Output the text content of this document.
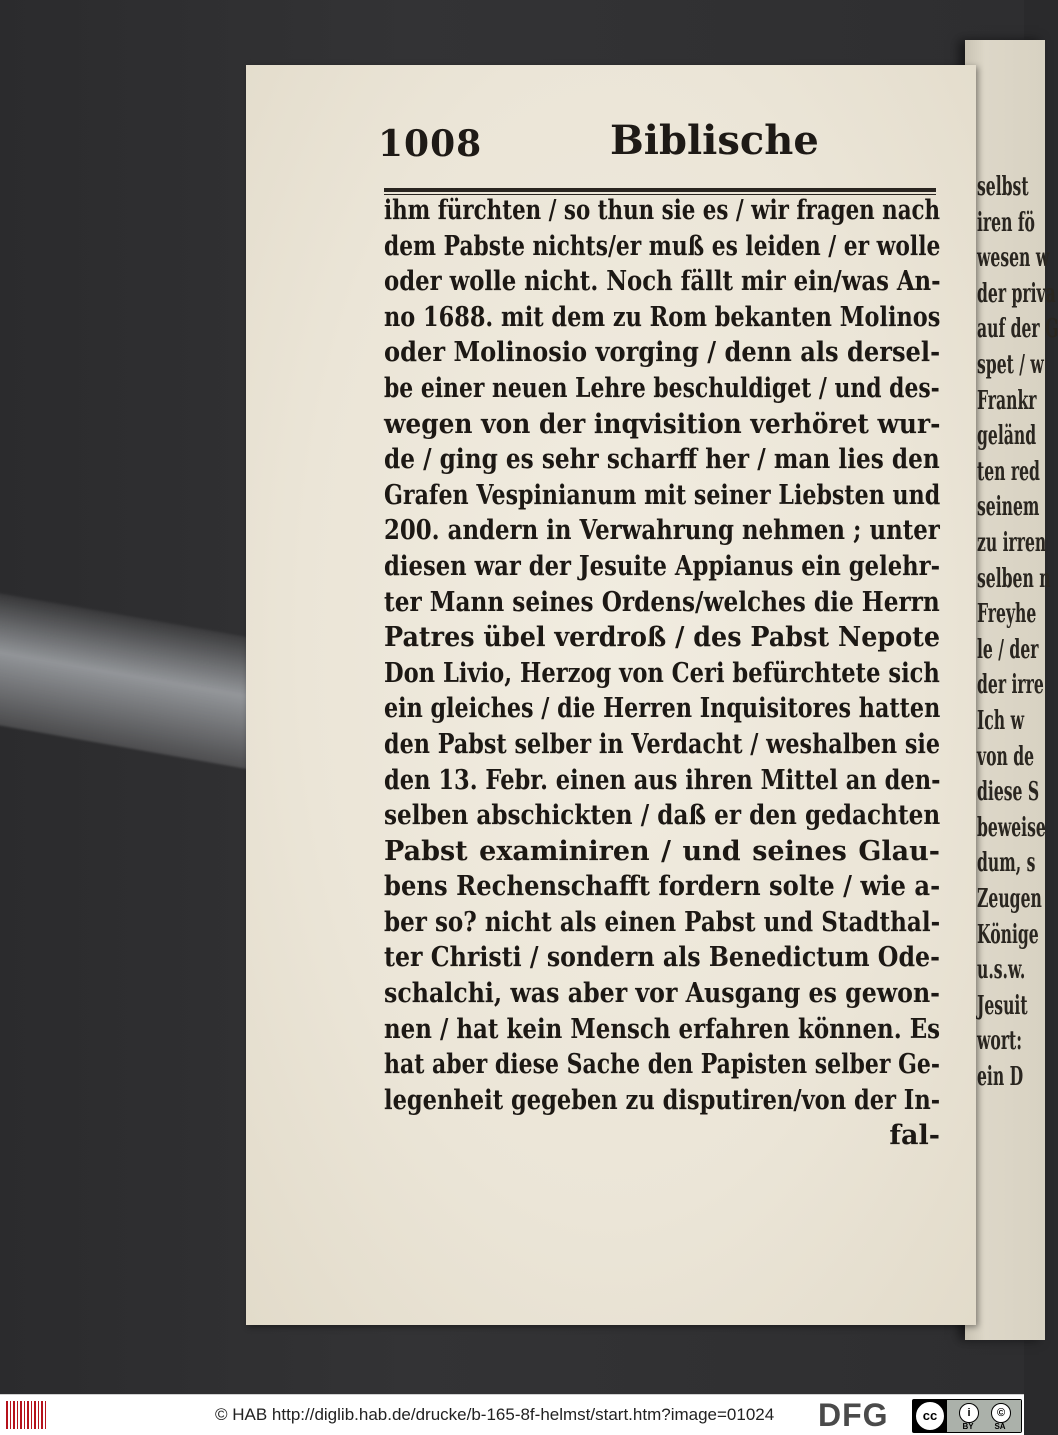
selbst
iren fö
wesen w
der priva
auf der G
spet / w
Frankr
geländ
ten red
seinem
zu irren
selben n
Freyhe
le / der
der irre
Ich w
von de
diese S
beweise
dum, s
Zeugen
Könige
u.s.w.
Jesuit
wort:
ein D
1008	Biblische
ihm fürchten / so thun sie es / wir fragen nach
dem Pabste nichts/er muß es leiden / er wolle
oder wolle nicht. Noch fällt mir ein/was An-
no 1688. mit dem zu Rom bekanten Molinos
oder Molinosio vorging / denn als dersel-
be einer neuen Lehre beschuldiget / und des-
wegen von der inqvisition verhöret wur-
de / ging es sehr scharff her / man lies den
Grafen Vespinianum mit seiner Liebsten und
200. andern in Verwahrung nehmen ; unter
diesen war der Jesuite Appianus ein gelehr-
ter Mann seines Ordens/welches die Herrn
Patres übel verdroß / des Pabst Nepote
Don Livio, Herzog von Ceri befürchtete sich
ein gleiches / die Herren Inquisitores hatten
den Pabst selber in Verdacht / weshalben sie
den 13. Febr. einen aus ihren Mittel an den-
selben abschickten / daß er den gedachten
Pabst examiniren / und seines Glau-
bens Rechenschafft fordern solte / wie a-
ber so? nicht als einen Pabst und Stadthal-
ter Christi / sondern als Benedictum Ode-
schalchi, was aber vor Ausgang es gewon-
nen / hat kein Mensch erfahren können. Es
hat aber diese Sache den Papisten selber Ge-
legenheit gegeben zu disputiren/von der In-
fal-
© HAB http://diglib.hab.de/drucke/b-165-8f-helmst/start.htm?image=01024 DFG	cc	i	©
BY	SA
